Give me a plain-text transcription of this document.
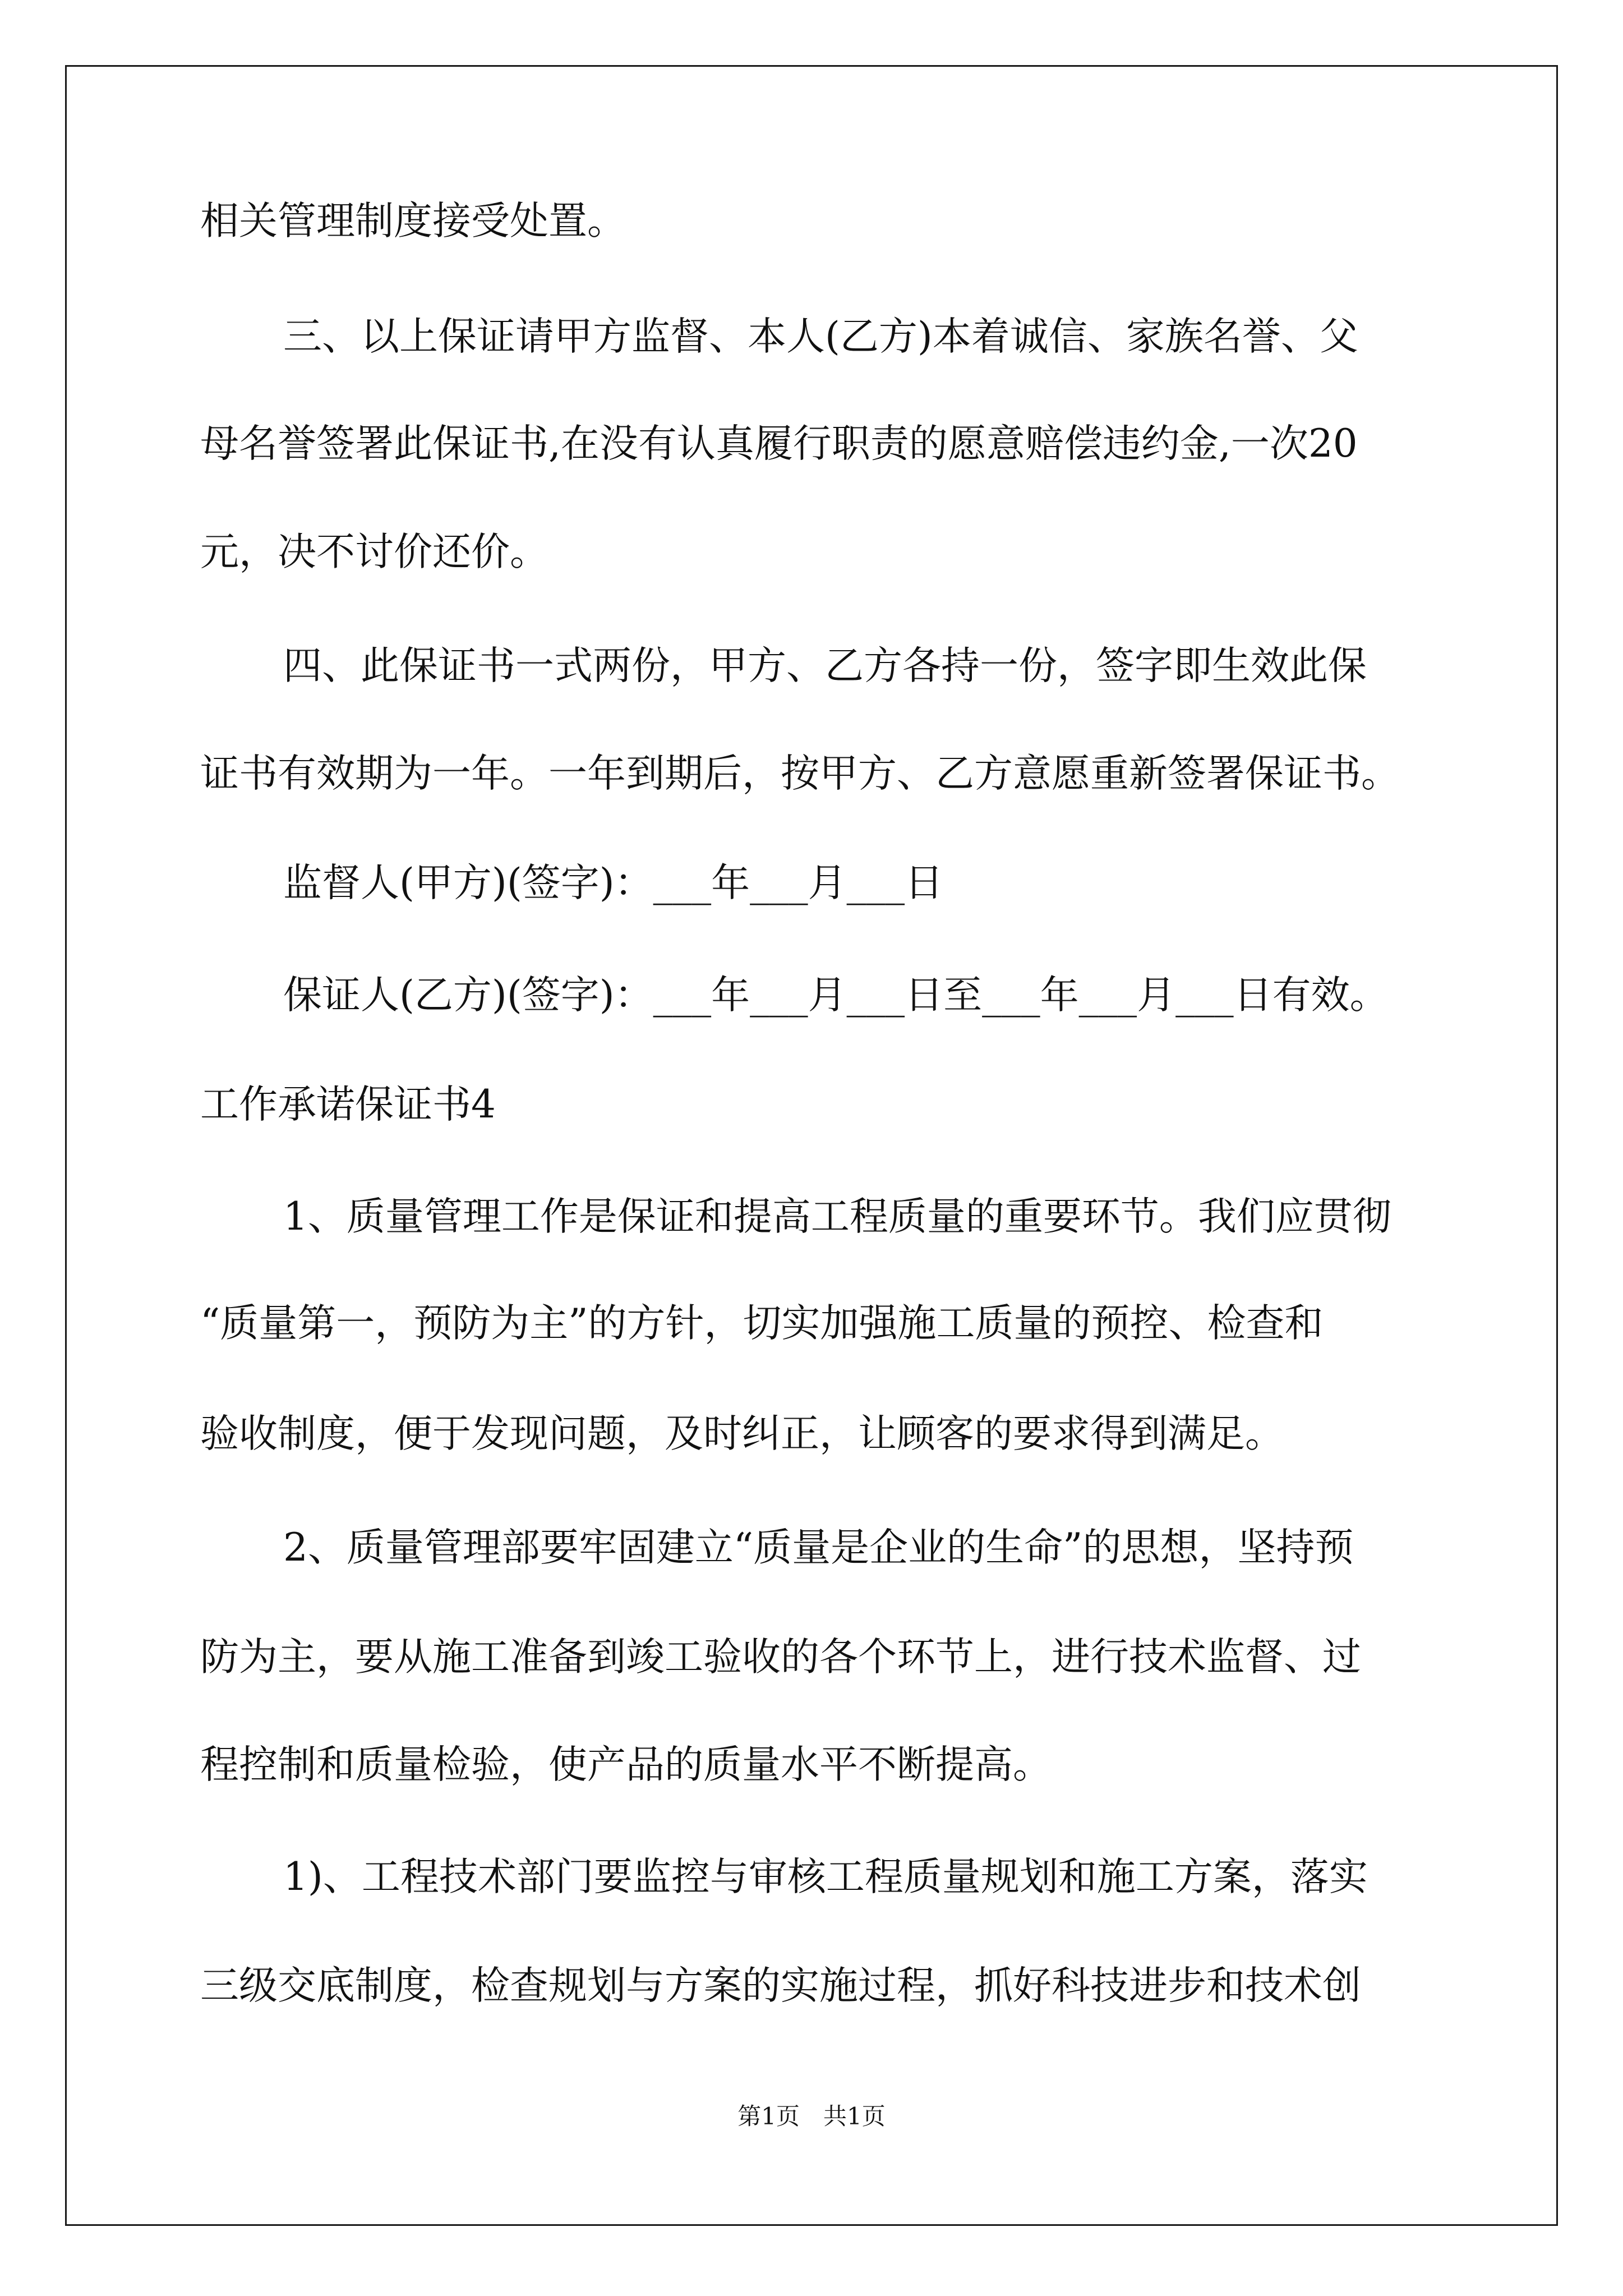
相关管理制度接受处置。
三、以上保证请甲方监督、本人(乙方)本着诚信、家族名誉、父
母名誉签署此保证书,在没有认真履行职责的愿意赔偿违约金,一次20
元，决不讨价还价。
四、此保证书一式两份，甲方、乙方各持一份，签字即生效此保
证书有效期为一年。一年到期后，按甲方、乙方意愿重新签署保证书。
监督人(甲方)(签字)：___年___月___日
保证人(乙方)(签字)：___年___月___日至___年___月___日有效。
工作承诺保证书4
1、质量管理工作是保证和提高工程质量的重要环节。我们应贯彻
“质量第一，预防为主”的方针，切实加强施工质量的预控、检查和
验收制度，便于发现问题，及时纠正，让顾客的要求得到满足。
2、质量管理部要牢固建立“质量是企业的生命”的思想，坚持预
防为主，要从施工准备到竣工验收的各个环节上，进行技术监督、过
程控制和质量检验，使产品的质量水平不断提高。
1)、工程技术部门要监控与审核工程质量规划和施工方案，落实
三级交底制度，检查规划与方案的实施过程，抓好科技进步和技术创
第1页　共1页
